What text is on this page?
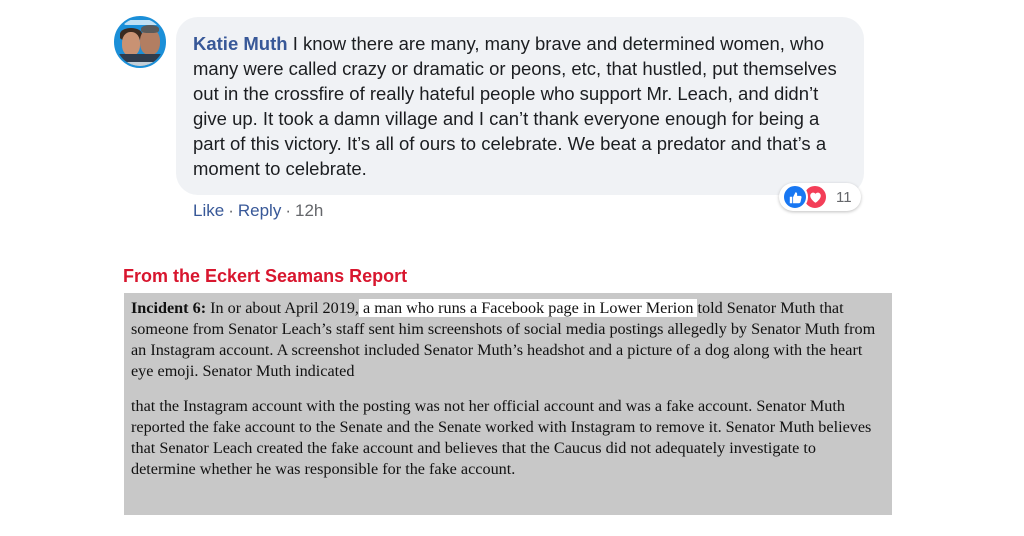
Katie Muth I know there are many, many brave and determined women, who many were called crazy or dramatic or peons, etc, that hustled, put themselves out in the crossfire of really hateful people who support Mr. Leach, and didn’t give up. It took a damn village and I can’t thank everyone enough for being a part of this victory. It’s all of ours to celebrate. We beat a predator and that’s a moment to celebrate.
11
Like · Reply · 12h
From the Eckert Seamans Report

Incident 6: In or about April 2019, a man who runs a Facebook page in Lower Merion told Senator Muth that someone from Senator Leach’s staff sent him screenshots of social media postings allegedly by Senator Muth from an Instagram account. A screenshot included Senator Muth’s headshot and a picture of a dog along with the heart eye emoji. Senator Muth indicated

that the Instagram account with the posting was not her official account and was a fake account. Senator Muth reported the fake account to the Senate and the Senate worked with Instagram to remove it. Senator Muth believes that Senator Leach created the fake account and believes that the Caucus did not adequately investigate to determine whether he was responsible for the fake account.
